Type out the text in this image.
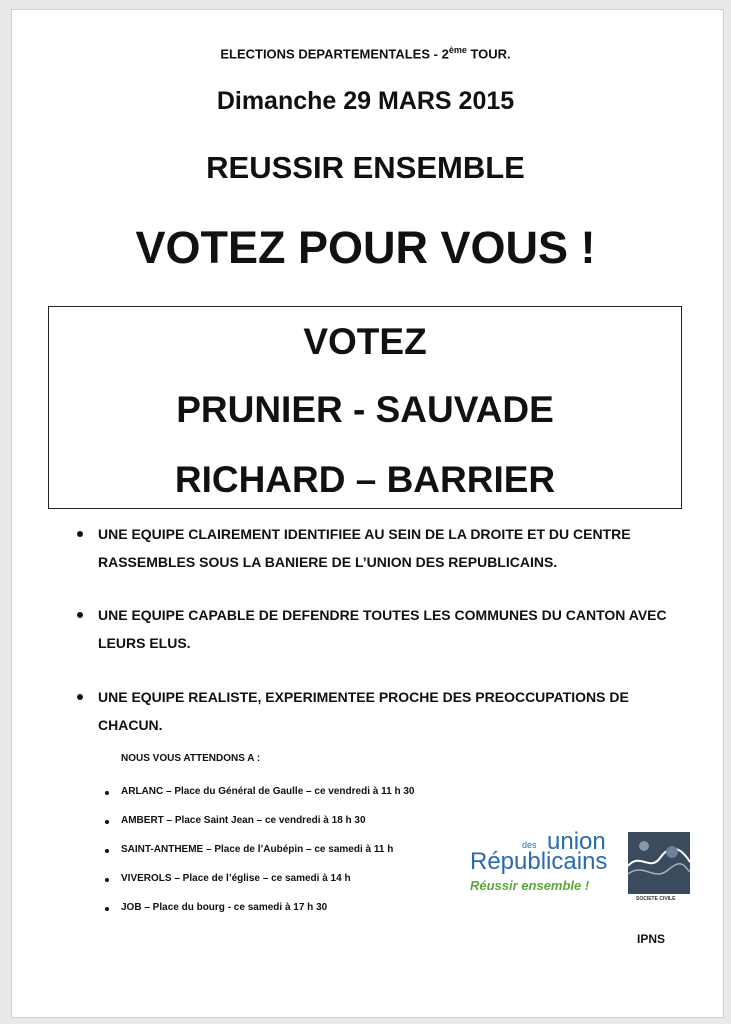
ELECTIONS DEPARTEMENTALES - 2ème TOUR.
Dimanche 29 MARS 2015
REUSSIR ENSEMBLE
VOTEZ POUR VOUS !
VOTEZ
PRUNIER - SAUVADE
RICHARD – BARRIER
UNE EQUIPE CLAIREMENT IDENTIFIEE AU SEIN DE LA DROITE ET DU CENTRE RASSEMBLES SOUS LA BANIERE DE L’UNION DES REPUBLICAINS.
UNE EQUIPE CAPABLE DE DEFENDRE TOUTES LES COMMUNES DU CANTON AVEC LEURS ELUS.
UNE EQUIPE REALISTE, EXPERIMENTEE PROCHE DES PREOCCUPATIONS DE CHACUN.
NOUS VOUS ATTENDONS A :
ARLANC – Place du Général de Gaulle – ce vendredi à 11 h 30
AMBERT – Place Saint Jean – ce vendredi à 18 h 30
SAINT-ANTHEME – Place de l’Aubépin – ce samedi à 11 h
VIVEROLS – Place de l’église – ce samedi à 14 h
JOB – Place du bourg - ce samedi à 17 h 30
des union
Républicains
Réussir ensemble !
SOCIETE CIVILE
IPNS
